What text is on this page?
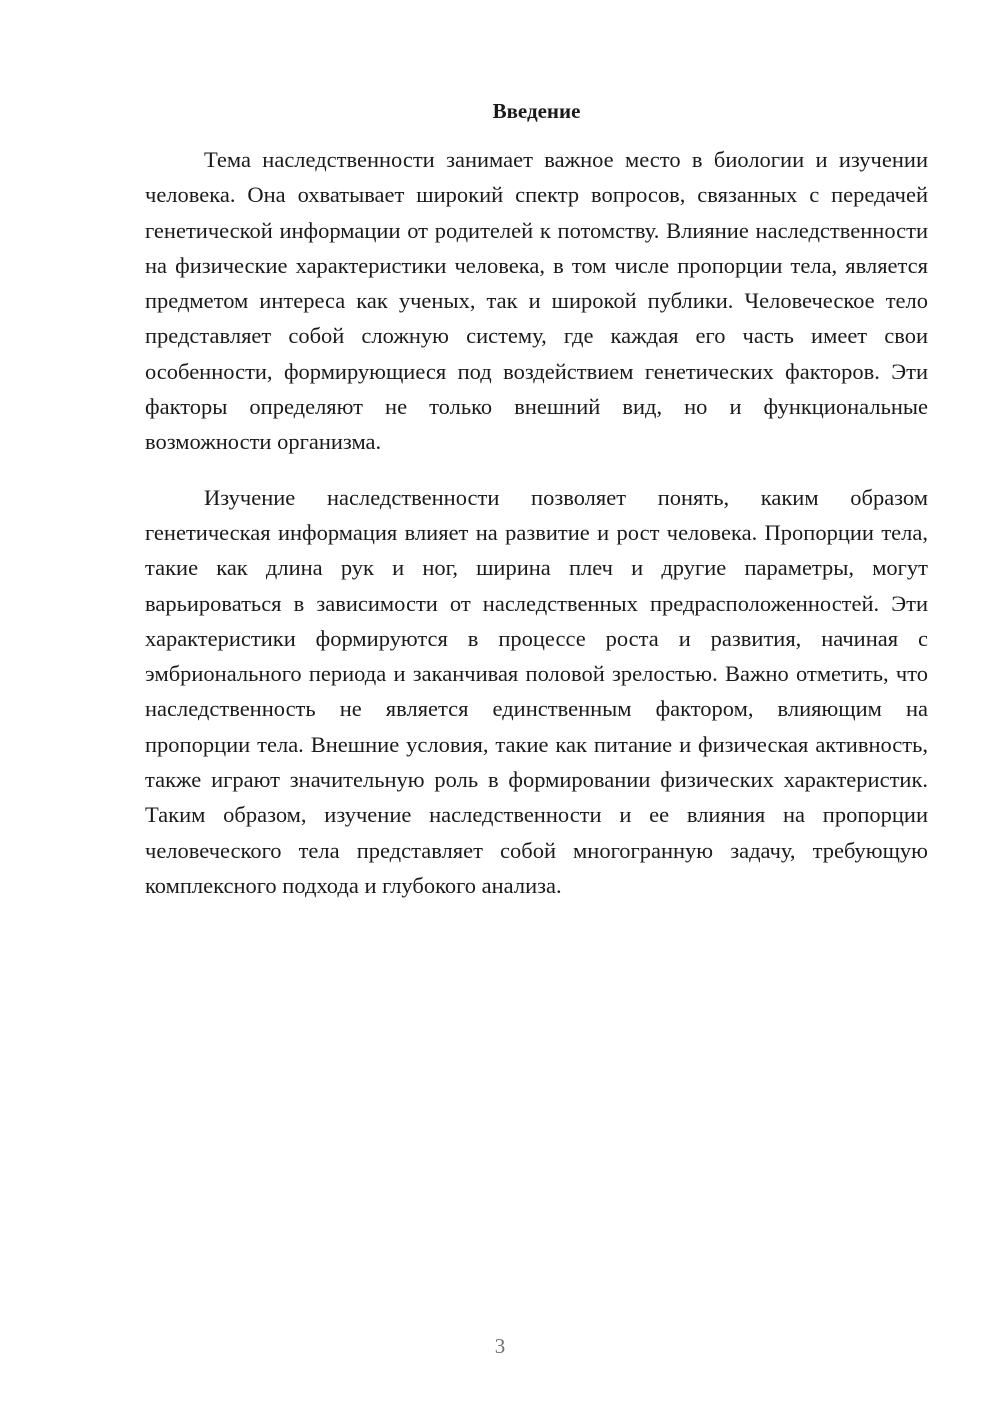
Введение

Тема наследственности занимает важное место в биологии и изучении человека. Она охватывает широкий спектр вопросов, связанных с передачей генетической информации от родителей к потомству. Влияние наследственности на физические характеристики человека, в том числе пропорции тела, является предметом интереса как ученых, так и широкой публики. Человеческое тело представляет собой сложную систему, где каждая его часть имеет свои особенности, формирующиеся под воздействием генетических факторов. Эти факторы определяют не только внешний вид, но и функциональные возможности организма.

Изучение наследственности позволяет понять, каким образом генетическая информация влияет на развитие и рост человека. Пропорции тела, такие как длина рук и ног, ширина плеч и другие параметры, могут варьироваться в зависимости от наследственных предрасположенностей. Эти характеристики формируются в процессе роста и развития, начиная с эмбрионального периода и заканчивая половой зрелостью. Важно отметить, что наследственность не является единственным фактором, влияющим на пропорции тела. Внешние условия, такие как питание и физическая активность, также играют значительную роль в формировании физических характеристик. Таким образом, изучение наследственности и ее влияния на пропорции человеческого тела представляет собой многогранную задачу, требующую комплексного подхода и глубокого анализа.

3
